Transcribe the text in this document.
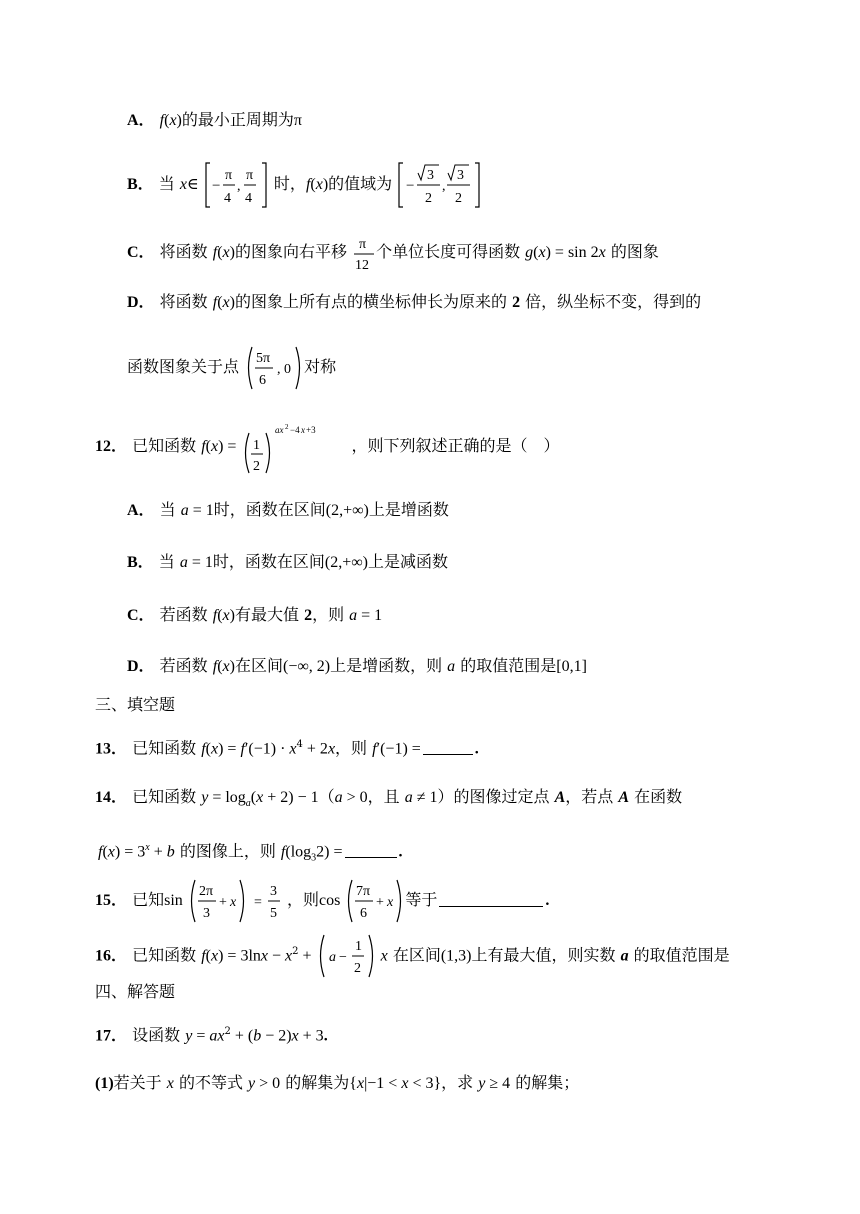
A． f(x)的最小正周期为π
B． 当 x∈ −
π
4
,
π
4
时，f(x)的值域为 −
3
2
,
3
2
C． 将函数 f(x)的图象向右平移 π
12
个单位长度可得函数 g(x) = sin 2x 的图象
D． 将函数 f(x)的图象上所有点的横坐标伸长为原来的 2 倍，纵坐标不变，得到的
函数图象关于点 5π
6
, 0 对称
12． 已知函数 f(x) = 1
2
ax 2 −4 x +3
，则下列叙述正确的是（　）
A． 当 a = 1时，函数在区间(2,+∞)上是增函数
B． 当 a = 1时，函数在区间(2,+∞)上是减函数
C． 若函数 f(x)有最大值 2，则 a = 1
D． 若函数 f(x)在区间(−∞, 2)上是增函数，则 a 的取值范围是[0,1]
三、填空题
13． 已知函数 $f(x) = f'(-1) \cdot x^4 + 2x$，则 f′(−1) =	.
14． 已知函数 $y = \log_a(x + 2) - 1(a > 0$，且 a ≠ 1）的图像过定点 A，若点 A 在函数
$f(x) = 3^x + b$ 的图像上，则 $f(\log_32)$ =	.
15． 已知sin
2π
3
+ x
=
3
5
，则cos
7π
6
+ x 等于	.
16． 已知函数 $f(x) = 3\ln x - x^2 + a$ −
1
2
x 在区间(1,3)上有最大值，则实数 a 的取值范围是
四、解答题
17． 设函数 $y = ax^2 + (b - 2)x + 3$.
(1)若关于 x 的不等式 y > 0 的解集为{x|−1 < x < 3}，求 y ≥ 4 的解集；
